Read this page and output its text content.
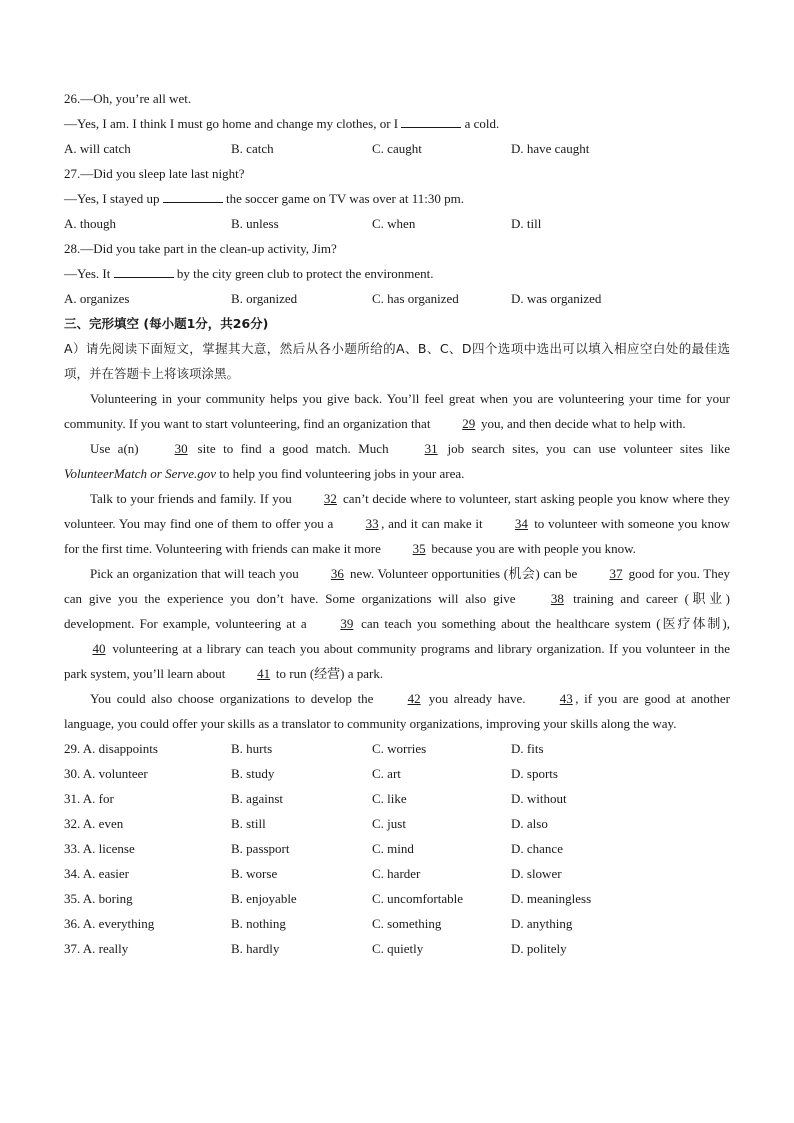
26.—Oh, you’re all wet.
—Yes, I am. I think I must go home and change my clothes, or I	a cold.
A. will catch	B. catch	C. caught	D. have caught
27.—Did you sleep late last night?
—Yes, I stayed up	the soccer game on TV was over at 11:30 pm.
A. though	B. unless	C. when	D. till
28.—Did you take part in the clean-up activity, Jim?
—Yes. It	by the city green club to protect the environment.
A. organizes	B. organized	C. has organized	D. was organized
三、完形填空 (每小题1分，共26分)
A）请先阅读下面短文，掌握其大意，然后从各小题所给的A、B、C、D四个选项中选出可以填入相应空白处的最佳选项，并在答题卡上将该项涂黑。
Volunteering in your community helps you give back. You’ll feel great when you are volunteering your time for your community. If you want to start volunteering, find an organization that 29 you, and then decide what to help with.
Use a(n) 30 site to find a good match. Much 31 job search sites, you can use volunteer sites like VolunteerMatch or Serve.gov to help you find volunteering jobs in your area.
Talk to your friends and family. If you 32 can’t decide where to volunteer, start asking people you know where they volunteer. You may find one of them to offer you a 33 , and it can make it 34 to volunteer with someone you know for the first time. Volunteering with friends can make it more 35 because you are with people you know.
Pick an organization that will teach you 36 new. Volunteer opportunities (机会) can be 37 good for you. They can give you the experience you don’t have. Some organizations will also give 38 training and career (职业) development. For example, volunteering at a 39 can teach you something about the healthcare system (医疗体制), 40 volunteering at a library can teach you about community programs and library organization. If you volunteer in the park system, you’ll learn about 41 to run (经营) a park.
You could also choose organizations to develop the 42 you already have. 43 , if you are good at another language, you could offer your skills as a translator to community organizations, improving your skills along the way.
29. A. disappoints	B. hurts	C. worries	D. fits
30. A. volunteer	B. study	C. art	D. sports
31. A. for	B. against	C. like	D. without
32. A. even	B. still	C. just	D. also
33. A. license	B. passport	C. mind	D. chance
34. A. easier	B. worse	C. harder	D. slower
35. A. boring	B. enjoyable	C. uncomfortable	D. meaningless
36. A. everything	B. nothing	C. something	D. anything
37. A. really	B. hardly	C. quietly	D. politely
